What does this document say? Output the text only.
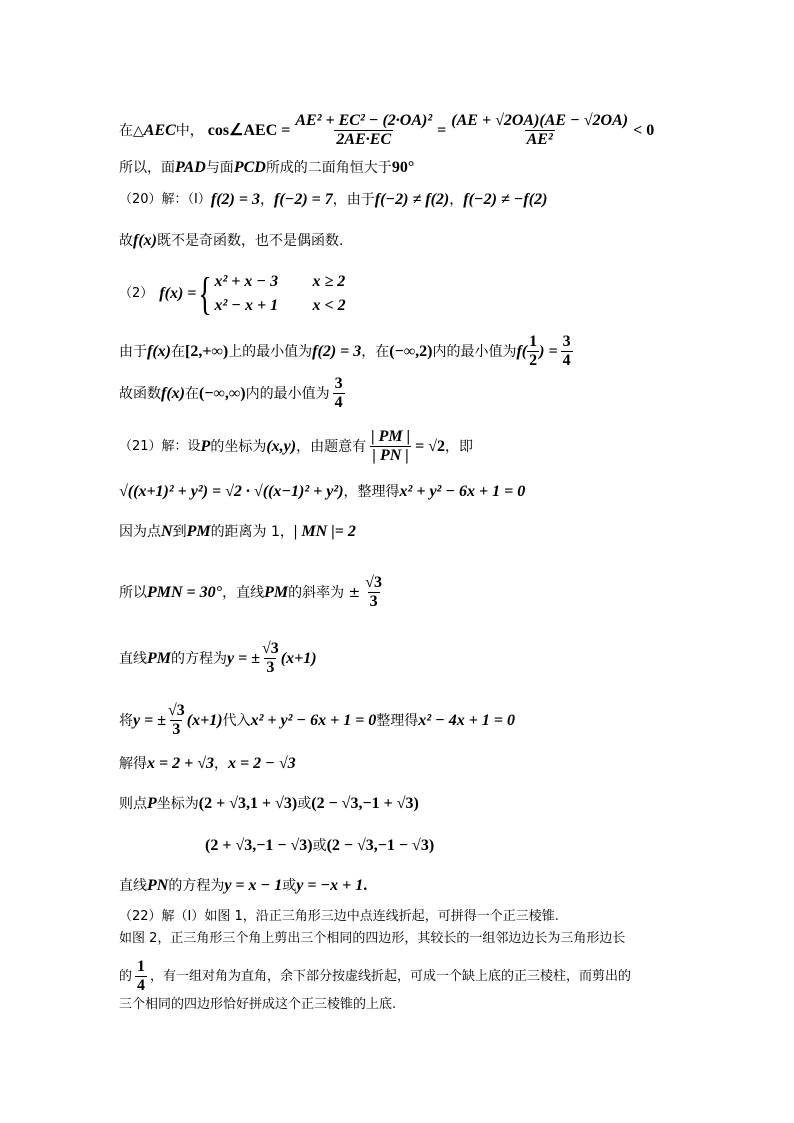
在△ AEC 中， cos∠AEC = $\frac{\text{AE² + EC² − (2·OA)²}}{2AE\cdot EC} = \frac{(AE + √2OA)(AE - √2OA)}{\text{AE²}} < 0$
所以，面 PAD 与面 PCD 所成的二面角恒大于 90°
（20）解：（I） f(2) = 3 ， f(−2) = 7 ，由于 f(−2) ≠ f(2) ， f(−2) ≠ −f(2)
故 f(x) 既不是奇函数，也不是偶函数.
（2） f(x) = { x² + x − 3 x ≥ 2
x² − x + 1 x < 2
由于 f(x) 在 [2,+∞) 上的最小值为 f(2) = 3 ，在 (−∞,2) 内的最小值为 $f( \frac{1}{2}$ ) = $\frac{3}{4}$
故函数 f(x) 在 (−∞,∞) 内的最小值为 $\frac{3}{4}$
（21）解：设 P 的坐标为 (x,y) ，由题意有 $\frac{| PM |}{| PN |} = √2$ ，即
√((x+1)² + y²) = √2 · √((x−1)² + y²) ，整理得 x² + y² − 6x + 1 = 0
因为点 N 到 PM 的距离为 1， | MN |= 2
所以 PMN = 30° ，直线 PM 的斜率为 ± $\frac{√3}{3}$
直线 PM 的方程为 y = ± $\frac{√3}{3} (x+1)$
将 y = ± $\frac{√3}{3} (x+1)$ 代入 x² + y² − 6x + 1 = 0 整理得 x² − 4x + 1 = 0
解得 x = 2 + √3 ， x = 2 − √3
则点 P 坐标为 (2 + √3,1 + √3) 或 (2 − √3,−1 + √3)
(2 + √3,−1 − √3) 或 (2 − √3,−1 − √3)
直线 PN 的方程为 y = x − 1 或 y = −x + 1 .
（22）解（I）如图 1，沿正三角形三边中点连线折起，可拼得一个正三棱锥.
如图 2，正三角形三个角上剪出三个相同的四边形，其较长的一组邻边边长为三角形边长
的 $\frac{1}{4}$ ，有一组对角为直角，余下部分按虚线折起，可成一个缺上底的正三棱柱，而剪出的
三个相同的四边形恰好拼成这个正三棱锥的上底.
